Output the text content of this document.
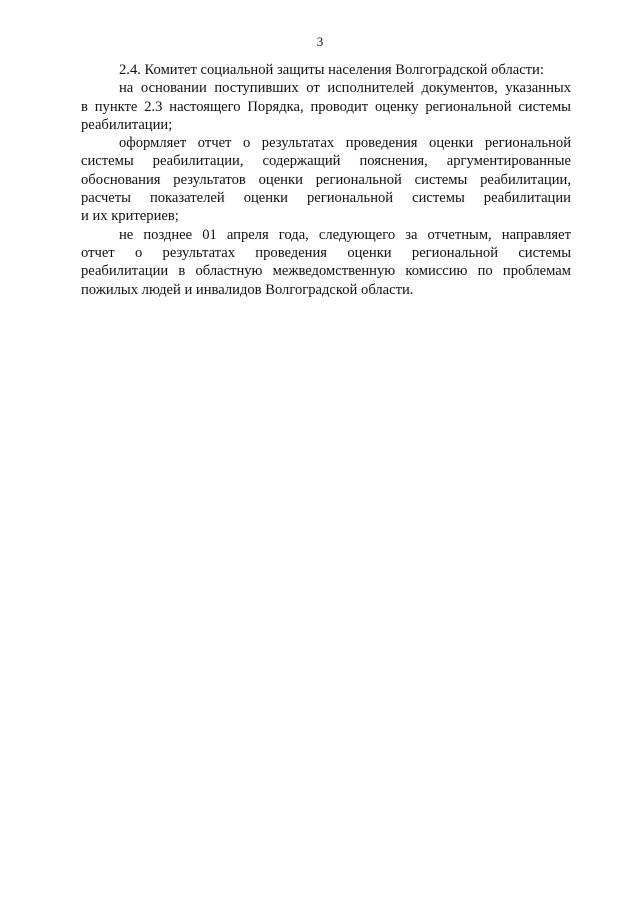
3
2.4. Комитет социальной защиты населения Волгоградской области:
на основании поступивших от исполнителей документов, указанных
в пункте 2.3 настоящего Порядка, проводит оценку региональной системы
реабилитации;
оформляет отчет о результатах проведения оценки региональной
системы реабилитации, содержащий пояснения, аргументированные
обоснования результатов оценки региональной системы реабилитации,
расчеты показателей оценки региональной системы реабилитации
и их критериев;
не позднее 01 апреля года, следующего за отчетным, направляет
отчет о результатах проведения оценки региональной системы
реабилитации в областную межведомственную комиссию по проблемам
пожилых людей и инвалидов Волгоградской области.
